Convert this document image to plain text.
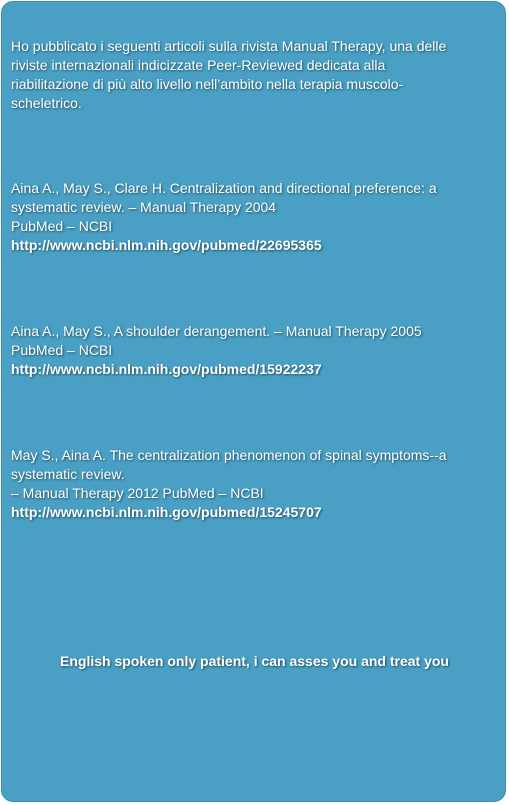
Ho pubblicato i seguenti articoli sulla rivista Manual Therapy, una delle
riviste internazionali indicizzate Peer-Reviewed dedicata alla
riabilitazione di più alto livello nell’ambito nella terapia muscolo-
scheletrico.

Aina A., May S., Clare H. Centralization and directional preference: a
systematic review. – Manual Therapy 2004
PubMed – NCBI
http://www.ncbi.nlm.nih.gov/pubmed/22695365

Aina A., May S., A shoulder derangement. – Manual Therapy 2005
PubMed – NCBI
http://www.ncbi.nlm.nih.gov/pubmed/15922237

May S., Aina A. The centralization phenomenon of spinal symptoms--a
systematic review.
– Manual Therapy 2012 PubMed – NCBI
http://www.ncbi.nlm.nih.gov/pubmed/15245707

English spoken only patient, i can asses you and treat you
